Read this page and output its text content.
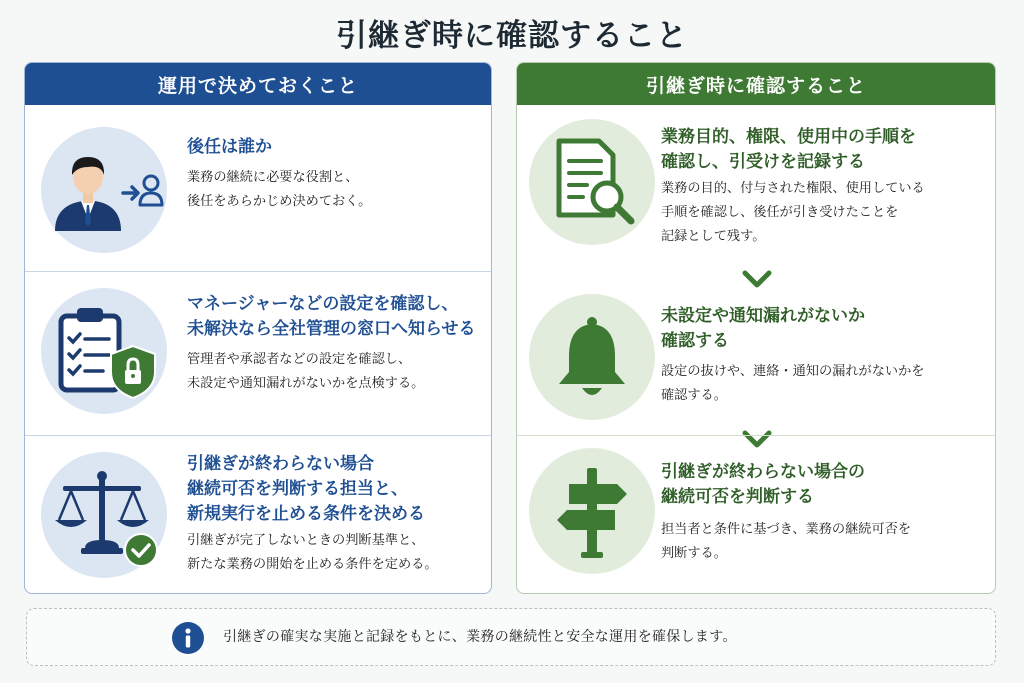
引継ぎ時に確認すること
運用で決めておくこと
後任は誰か
業務の継続に必要な役割と、
後任をあらかじめ決めておく。
マネージャーなどの設定を確認し、
未解決なら全社管理の窓口へ知らせる
管理者や承認者などの設定を確認し、
未設定や通知漏れがないかを点検する。
引継ぎが終わらない場合
継続可否を判断する担当と、
新規実行を止める条件を決める
引継ぎが完了しないときの判断基準と、
新たな業務の開始を止める条件を定める。
引継ぎ時に確認すること
業務目的、権限、使用中の手順を
確認し、引受けを記録する
業務の目的、付与された権限、使用している
手順を確認し、後任が引き受けたことを
記録として残す。
未設定や通知漏れがないか
確認する
設定の抜けや、連絡・通知の漏れがないかを
確認する。
引継ぎが終わらない場合の
継続可否を判断する
担当者と条件に基づき、業務の継続可否を
判断する。
引継ぎの確実な実施と記録をもとに、業務の継続性と安全な運用を確保します。
